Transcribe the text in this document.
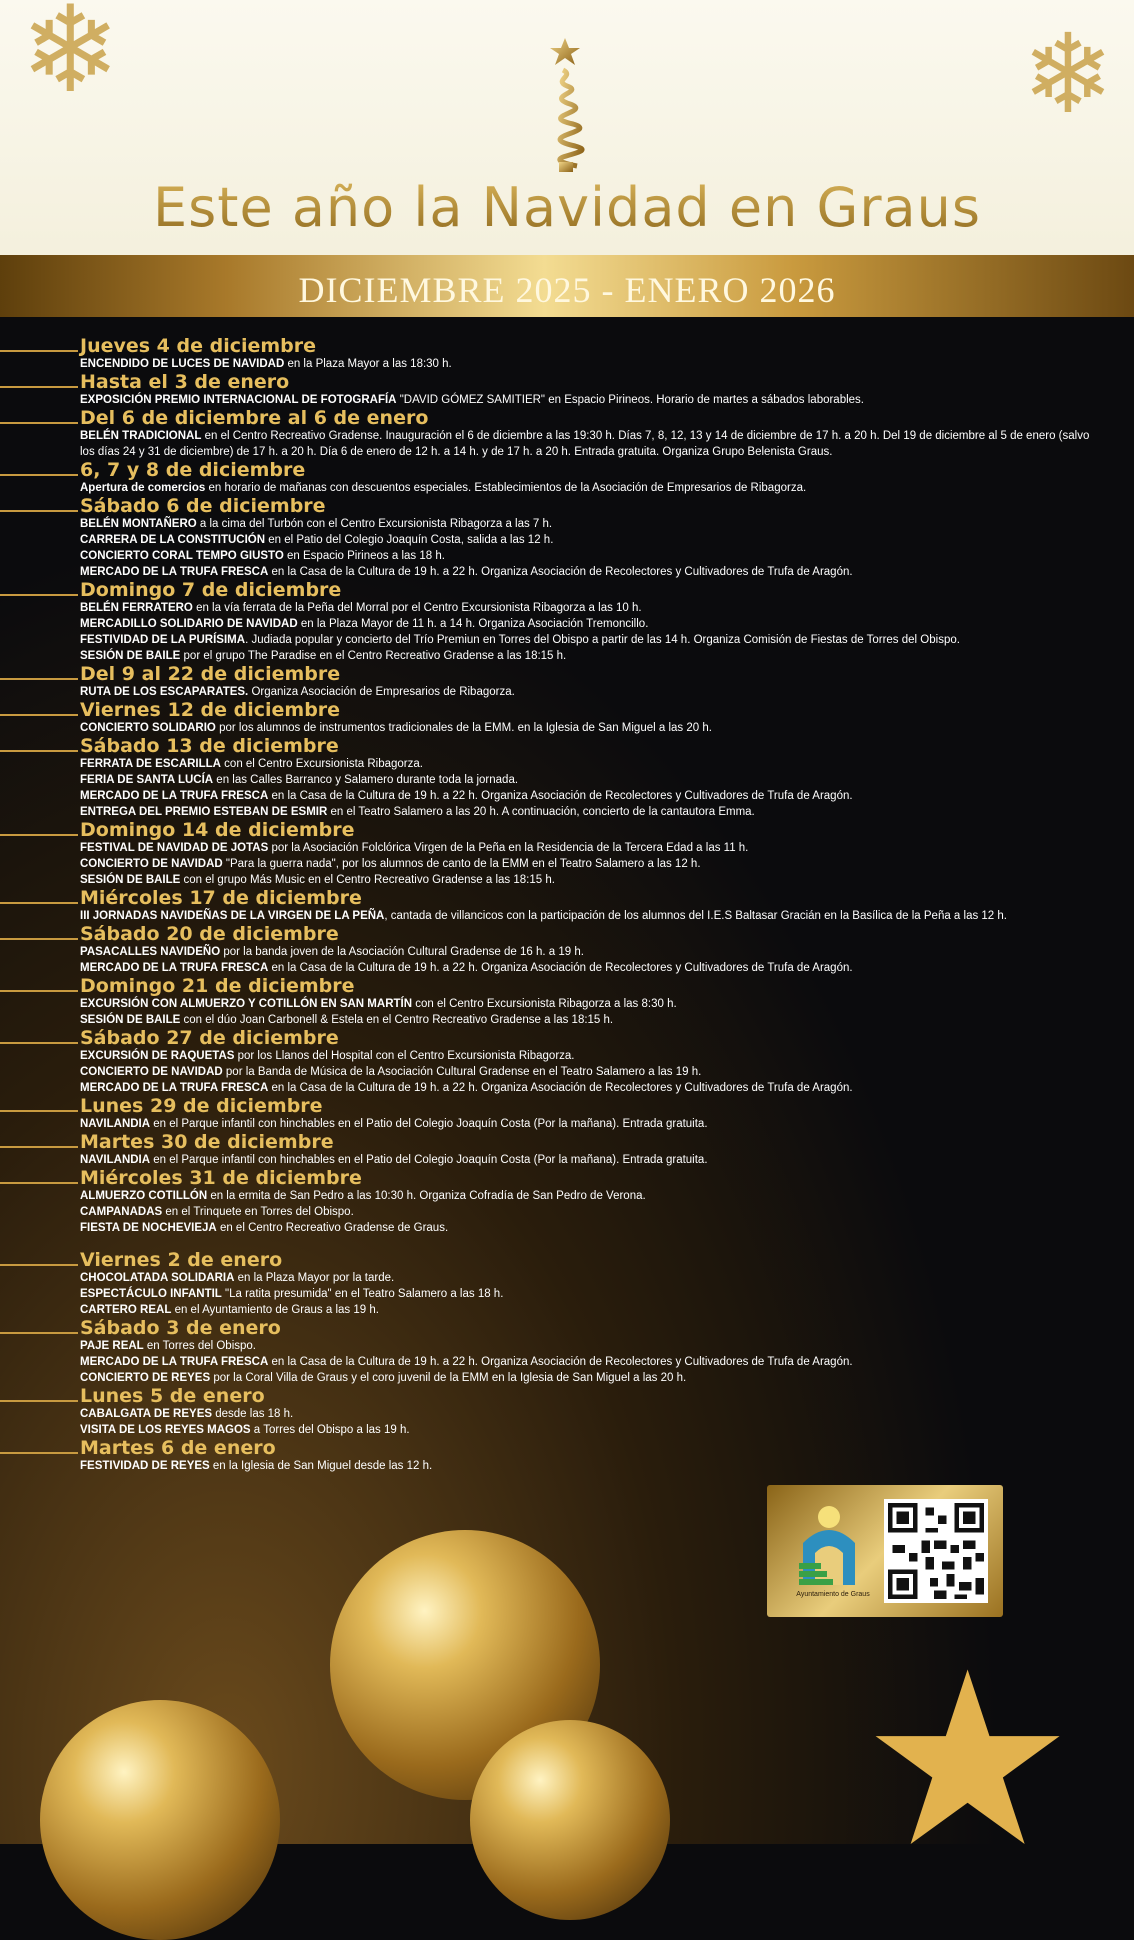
❄	❄
Este año la Navidad en Graus
DICIEMBRE 2025 - ENERO 2026
★
Jueves 4 de diciembre
ENCENDIDO DE LUCES DE NAVIDAD en la Plaza Mayor a las 18:30 h.
Hasta el 3 de enero
EXPOSICIÓN PREMIO INTERNACIONAL DE FOTOGRAFÍA "DAVID GÓMEZ SAMITIER" en Espacio Pirineos. Horario de martes a sábados laborables.
Del 6 de diciembre al 6 de enero
BELÉN TRADICIONAL en el Centro Recreativo Gradense. Inauguración el 6 de diciembre a las 19:30 h. Días 7, 8, 12, 13 y 14 de diciembre de 17 h. a 20 h. Del 19 de diciembre al 5 de enero (salvo los días 24 y 31 de diciembre) de 17 h. a 20 h. Día 6 de enero de 12 h. a 14 h. y de 17 h. a 20 h. Entrada gratuita. Organiza Grupo Belenista Graus.
6, 7 y 8 de diciembre
Apertura de comercios en horario de mañanas con descuentos especiales. Establecimientos de la Asociación de Empresarios de Ribagorza.
Sábado 6 de diciembre
BELÉN MONTAÑERO a la cima del Turbón con el Centro Excursionista Ribagorza a las 7 h.
CARRERA DE LA CONSTITUCIÓN en el Patio del Colegio Joaquín Costa, salida a las 12 h.
CONCIERTO CORAL TEMPO GIUSTO en Espacio Pirineos a las 18 h.
MERCADO DE LA TRUFA FRESCA en la Casa de la Cultura de 19 h. a 22 h. Organiza Asociación de Recolectores y Cultivadores de Trufa de Aragón.
Domingo 7 de diciembre
BELÉN FERRATERO en la vía ferrata de la Peña del Morral por el Centro Excursionista Ribagorza a las 10 h.
MERCADILLO SOLIDARIO DE NAVIDAD en la Plaza Mayor de 11 h. a 14 h. Organiza Asociación Tremoncillo.
FESTIVIDAD DE LA PURÍSIMA. Judiada popular y concierto del Trío Premiun en Torres del Obispo a partir de las 14 h. Organiza Comisión de Fiestas de Torres del Obispo.
SESIÓN DE BAILE por el grupo The Paradise en el Centro Recreativo Gradense a las 18:15 h.
Del 9 al 22 de diciembre
RUTA DE LOS ESCAPARATES. Organiza Asociación de Empresarios de Ribagorza.
Viernes 12 de diciembre
CONCIERTO SOLIDARIO por los alumnos de instrumentos tradicionales de la EMM. en la Iglesia de San Miguel a las 20 h.
Sábado 13 de diciembre
FERRATA DE ESCARILLA con el Centro Excursionista Ribagorza.
FERIA DE SANTA LUCÍA en las Calles Barranco y Salamero durante toda la jornada.
MERCADO DE LA TRUFA FRESCA en la Casa de la Cultura de 19 h. a 22 h. Organiza Asociación de Recolectores y Cultivadores de Trufa de Aragón.
ENTREGA DEL PREMIO ESTEBAN DE ESMIR en el Teatro Salamero a las 20 h. A continuación, concierto de la cantautora Emma.
Domingo 14 de diciembre
FESTIVAL DE NAVIDAD DE JOTAS por la Asociación Folclórica Virgen de la Peña en la Residencia de la Tercera Edad a las 11 h.
CONCIERTO DE NAVIDAD "Para la guerra nada", por los alumnos de canto de la EMM en el Teatro Salamero a las 12 h.
SESIÓN DE BAILE con el grupo Más Music en el Centro Recreativo Gradense a las 18:15 h.
Miércoles 17 de diciembre
III JORNADAS NAVIDEÑAS DE LA VIRGEN DE LA PEÑA, cantada de villancicos con la participación de los alumnos del I.E.S Baltasar Gracián en la Basílica de la Peña a las 12 h.
Sábado 20 de diciembre
PASACALLES NAVIDEÑO por la banda joven de la Asociación Cultural Gradense de 16 h. a 19 h.
MERCADO DE LA TRUFA FRESCA en la Casa de la Cultura de 19 h. a 22 h. Organiza Asociación de Recolectores y Cultivadores de Trufa de Aragón.
Domingo 21 de diciembre
EXCURSIÓN CON ALMUERZO Y COTILLÓN EN SAN MARTÍN con el Centro Excursionista Ribagorza a las 8:30 h.
SESIÓN DE BAILE con el dúo Joan Carbonell & Estela en el Centro Recreativo Gradense a las 18:15 h.
Sábado 27 de diciembre
EXCURSIÓN DE RAQUETAS por los Llanos del Hospital con el Centro Excursionista Ribagorza.
CONCIERTO DE NAVIDAD por la Banda de Música de la Asociación Cultural Gradense en el Teatro Salamero a las 19 h.
MERCADO DE LA TRUFA FRESCA en la Casa de la Cultura de 19 h. a 22 h. Organiza Asociación de Recolectores y Cultivadores de Trufa de Aragón.
Lunes 29 de diciembre
NAVILANDIA en el Parque infantil con hinchables en el Patio del Colegio Joaquín Costa (Por la mañana). Entrada gratuita.
Martes 30 de diciembre
NAVILANDIA en el Parque infantil con hinchables en el Patio del Colegio Joaquín Costa (Por la mañana). Entrada gratuita.
Miércoles 31 de diciembre
ALMUERZO COTILLÓN en la ermita de San Pedro a las 10:30 h. Organiza Cofradía de San Pedro de Verona.
CAMPANADAS en el Trinquete en Torres del Obispo.
FIESTA DE NOCHEVIEJA en el Centro Recreativo Gradense de Graus.
Viernes 2 de enero
CHOCOLATADA SOLIDARIA en la Plaza Mayor por la tarde.
ESPECTÁCULO INFANTIL "La ratita presumida" en el Teatro Salamero a las 18 h.
CARTERO REAL en el Ayuntamiento de Graus a las 19 h.
Sábado 3 de enero
PAJE REAL en Torres del Obispo.
MERCADO DE LA TRUFA FRESCA en la Casa de la Cultura de 19 h. a 22 h. Organiza Asociación de Recolectores y Cultivadores de Trufa de Aragón.
CONCIERTO DE REYES por la Coral Villa de Graus y el coro juvenil de la EMM en la Iglesia de San Miguel a las 20 h.
Lunes 5 de enero
CABALGATA DE REYES desde las 18 h.
VISITA DE LOS REYES MAGOS a Torres del Obispo a las 19 h.
Martes 6 de enero
FESTIVIDAD DE REYES en la Iglesia de San Miguel desde las 12 h.
Ayuntamiento de Graus
